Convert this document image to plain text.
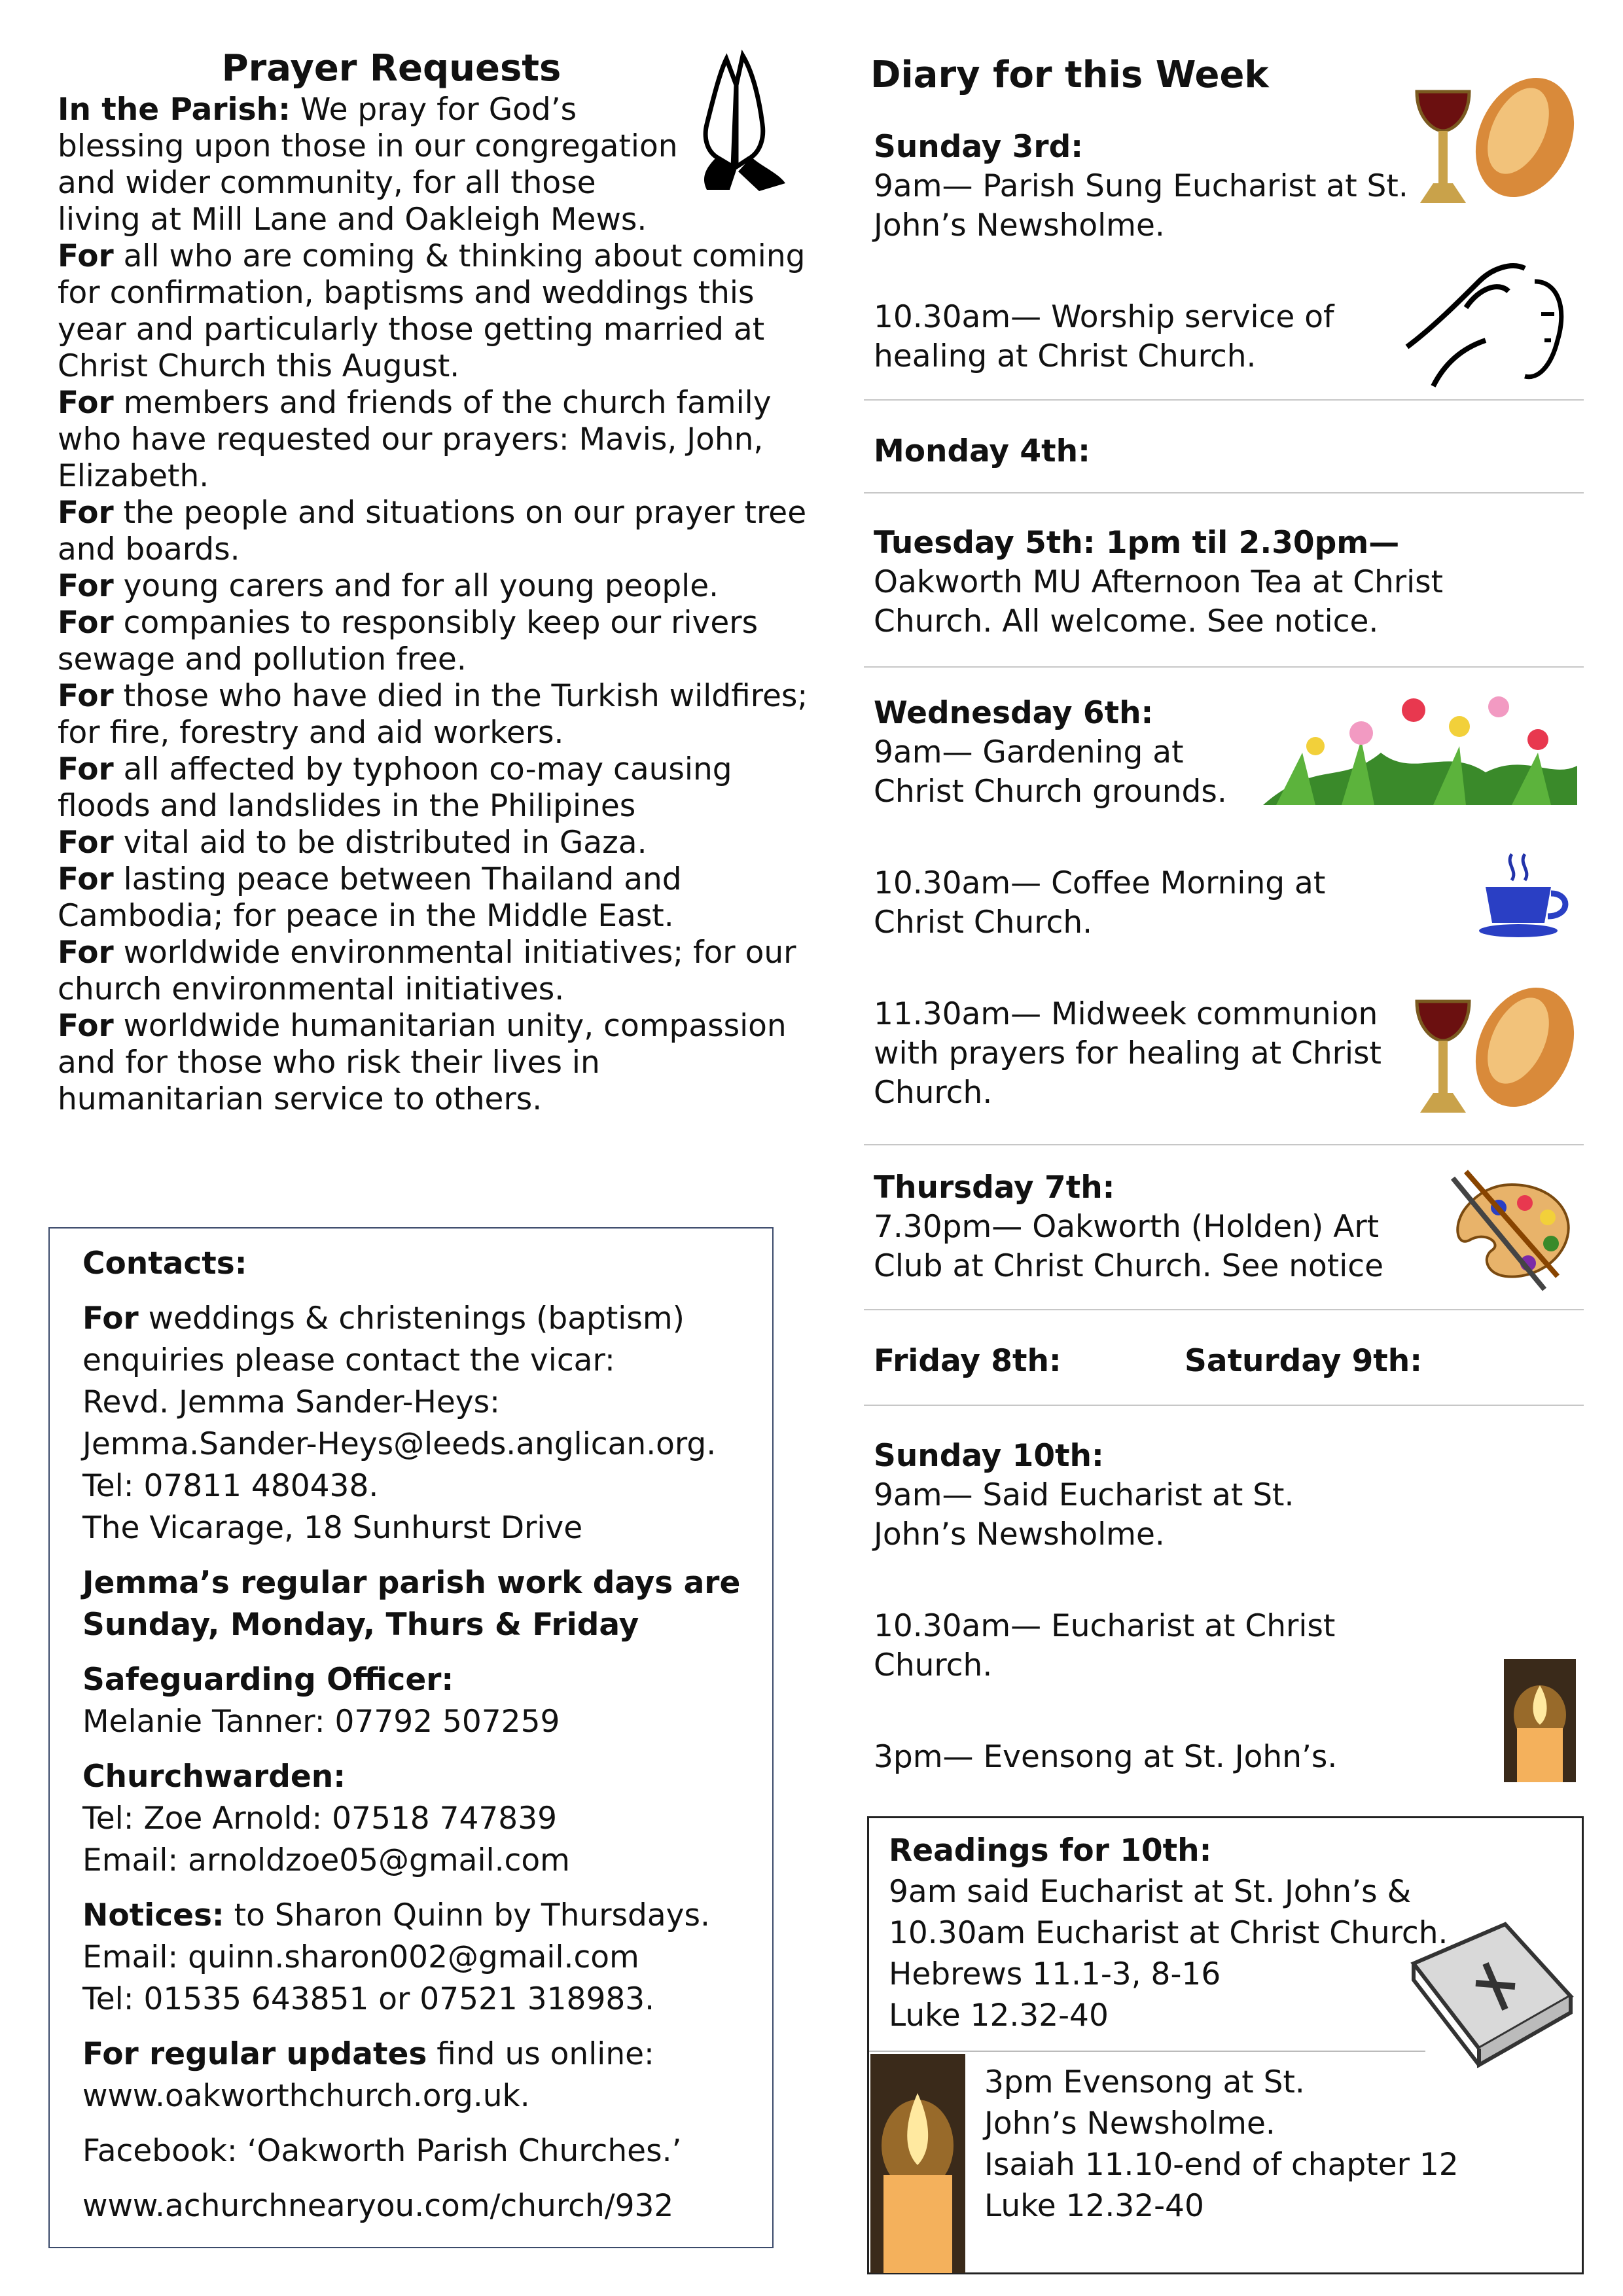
Prayer Requests

In the Parish: We pray for God’s blessing upon those in our congregation and wider community, for all those living at Mill Lane and Oakleigh Mews.

For all who are coming & thinking about coming for confirmation, baptisms and weddings this year and particularly those getting married at Christ Church this August.

For members and friends of the church family who have requested our prayers: Mavis, John, Elizabeth.

For the people and situations on our prayer tree and boards.

For young carers and for all young people.

For companies to responsibly keep our rivers sewage and pollution free.

For those who have died in the Turkish wildfires; for fire, forestry and aid workers.

For all affected by typhoon co-may causing floods and landslides in the Philipines

For vital aid to be distributed in Gaza.

For lasting peace between Thailand and Cambodia; for peace in the Middle East.

For worldwide environmental initiatives; for our church environmental initiatives.

For worldwide humanitarian unity, compassion and for those who risk their lives in humanitarian service to others.

Contacts:

For weddings & christenings (baptism) enquiries please contact the vicar:

Revd. Jemma Sander-Heys:

Jemma.Sander-Heys@leeds.anglican.org.

Tel: 07811 480438.

The Vicarage, 18 Sunhurst Drive

Jemma’s regular parish work days are Sunday, Monday, Thurs & Friday

Safeguarding Officer:

Melanie Tanner: 07792 507259

Churchwarden:

Tel: Zoe Arnold: 07518 747839

Email: arnoldzoe05@gmail.com

Notices: to Sharon Quinn by Thursdays.

Email: quinn.sharon002@gmail.com

Tel: 01535 643851 or 07521 318983.

For regular updates find us online:

www.oakworthchurch.org.uk.

Facebook: ‘Oakworth Parish Churches.’

www.achurchnearyou.com/church/932

Diary for this Week

Sunday 3rd:

9am— Parish Sung Eucharist at St. John’s Newsholme.

10.30am— Worship service of healing at Christ Church.

Monday 4th:

Tuesday 5th: 1pm til 2.30pm—

Oakworth MU Afternoon Tea at Christ Church. All welcome. See notice.

Wednesday 6th:

9am— Gardening at Christ Church grounds.

10.30am— Coffee Morning at Christ Church.

11.30am— Midweek communion with prayers for healing at Christ Church.

Thursday 7th:

7.30pm— Oakworth (Holden) Art Club at Christ Church. See notice

Friday 8th:	Saturday 9th:

Sunday 10th:

9am— Said Eucharist at St. John’s Newsholme.

10.30am— Eucharist at Christ Church.

3pm— Evensong at St. John’s.

Readings for 10th:
9am said Eucharist at St. John’s &
10.30am Eucharist at Christ Church.
Hebrews 11.1-3, 8-16
Luke 12.32-40
3pm Evensong at St.
John’s Newsholme.
Isaiah 11.10-end of chapter 12
Luke 12.32-40
